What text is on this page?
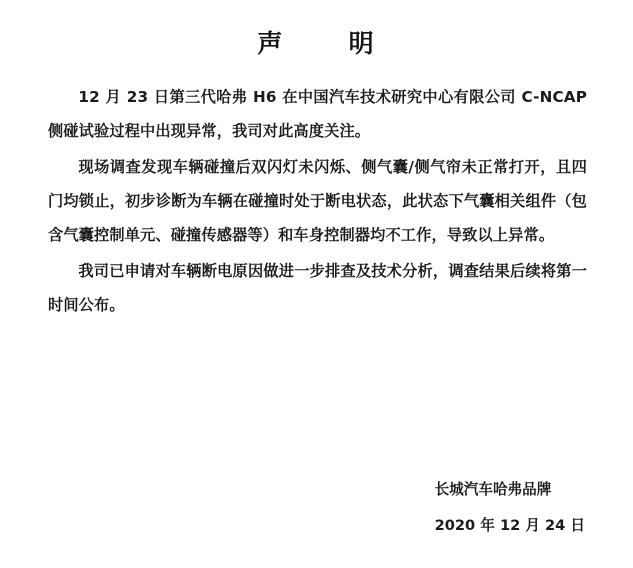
声      明

12 月 23 日第三代哈弗 H6 在中国汽车技术研究中心有限公司 C-NCAP 侧碰试验过程中出现异常，我司对此高度关注。

现场调查发现车辆碰撞后双闪灯未闪烁、侧气囊/侧气帘未正常打开，且四门均锁止，初步诊断为车辆在碰撞时处于断电状态，此状态下气囊相关组件（包含气囊控制单元、碰撞传感器等）和车身控制器均不工作，导致以上异常。

我司已申请对车辆断电原因做进一步排查及技术分析，调查结果后续将第一时间公布。

长城汽车哈弗品牌
2020 年 12 月 24 日
